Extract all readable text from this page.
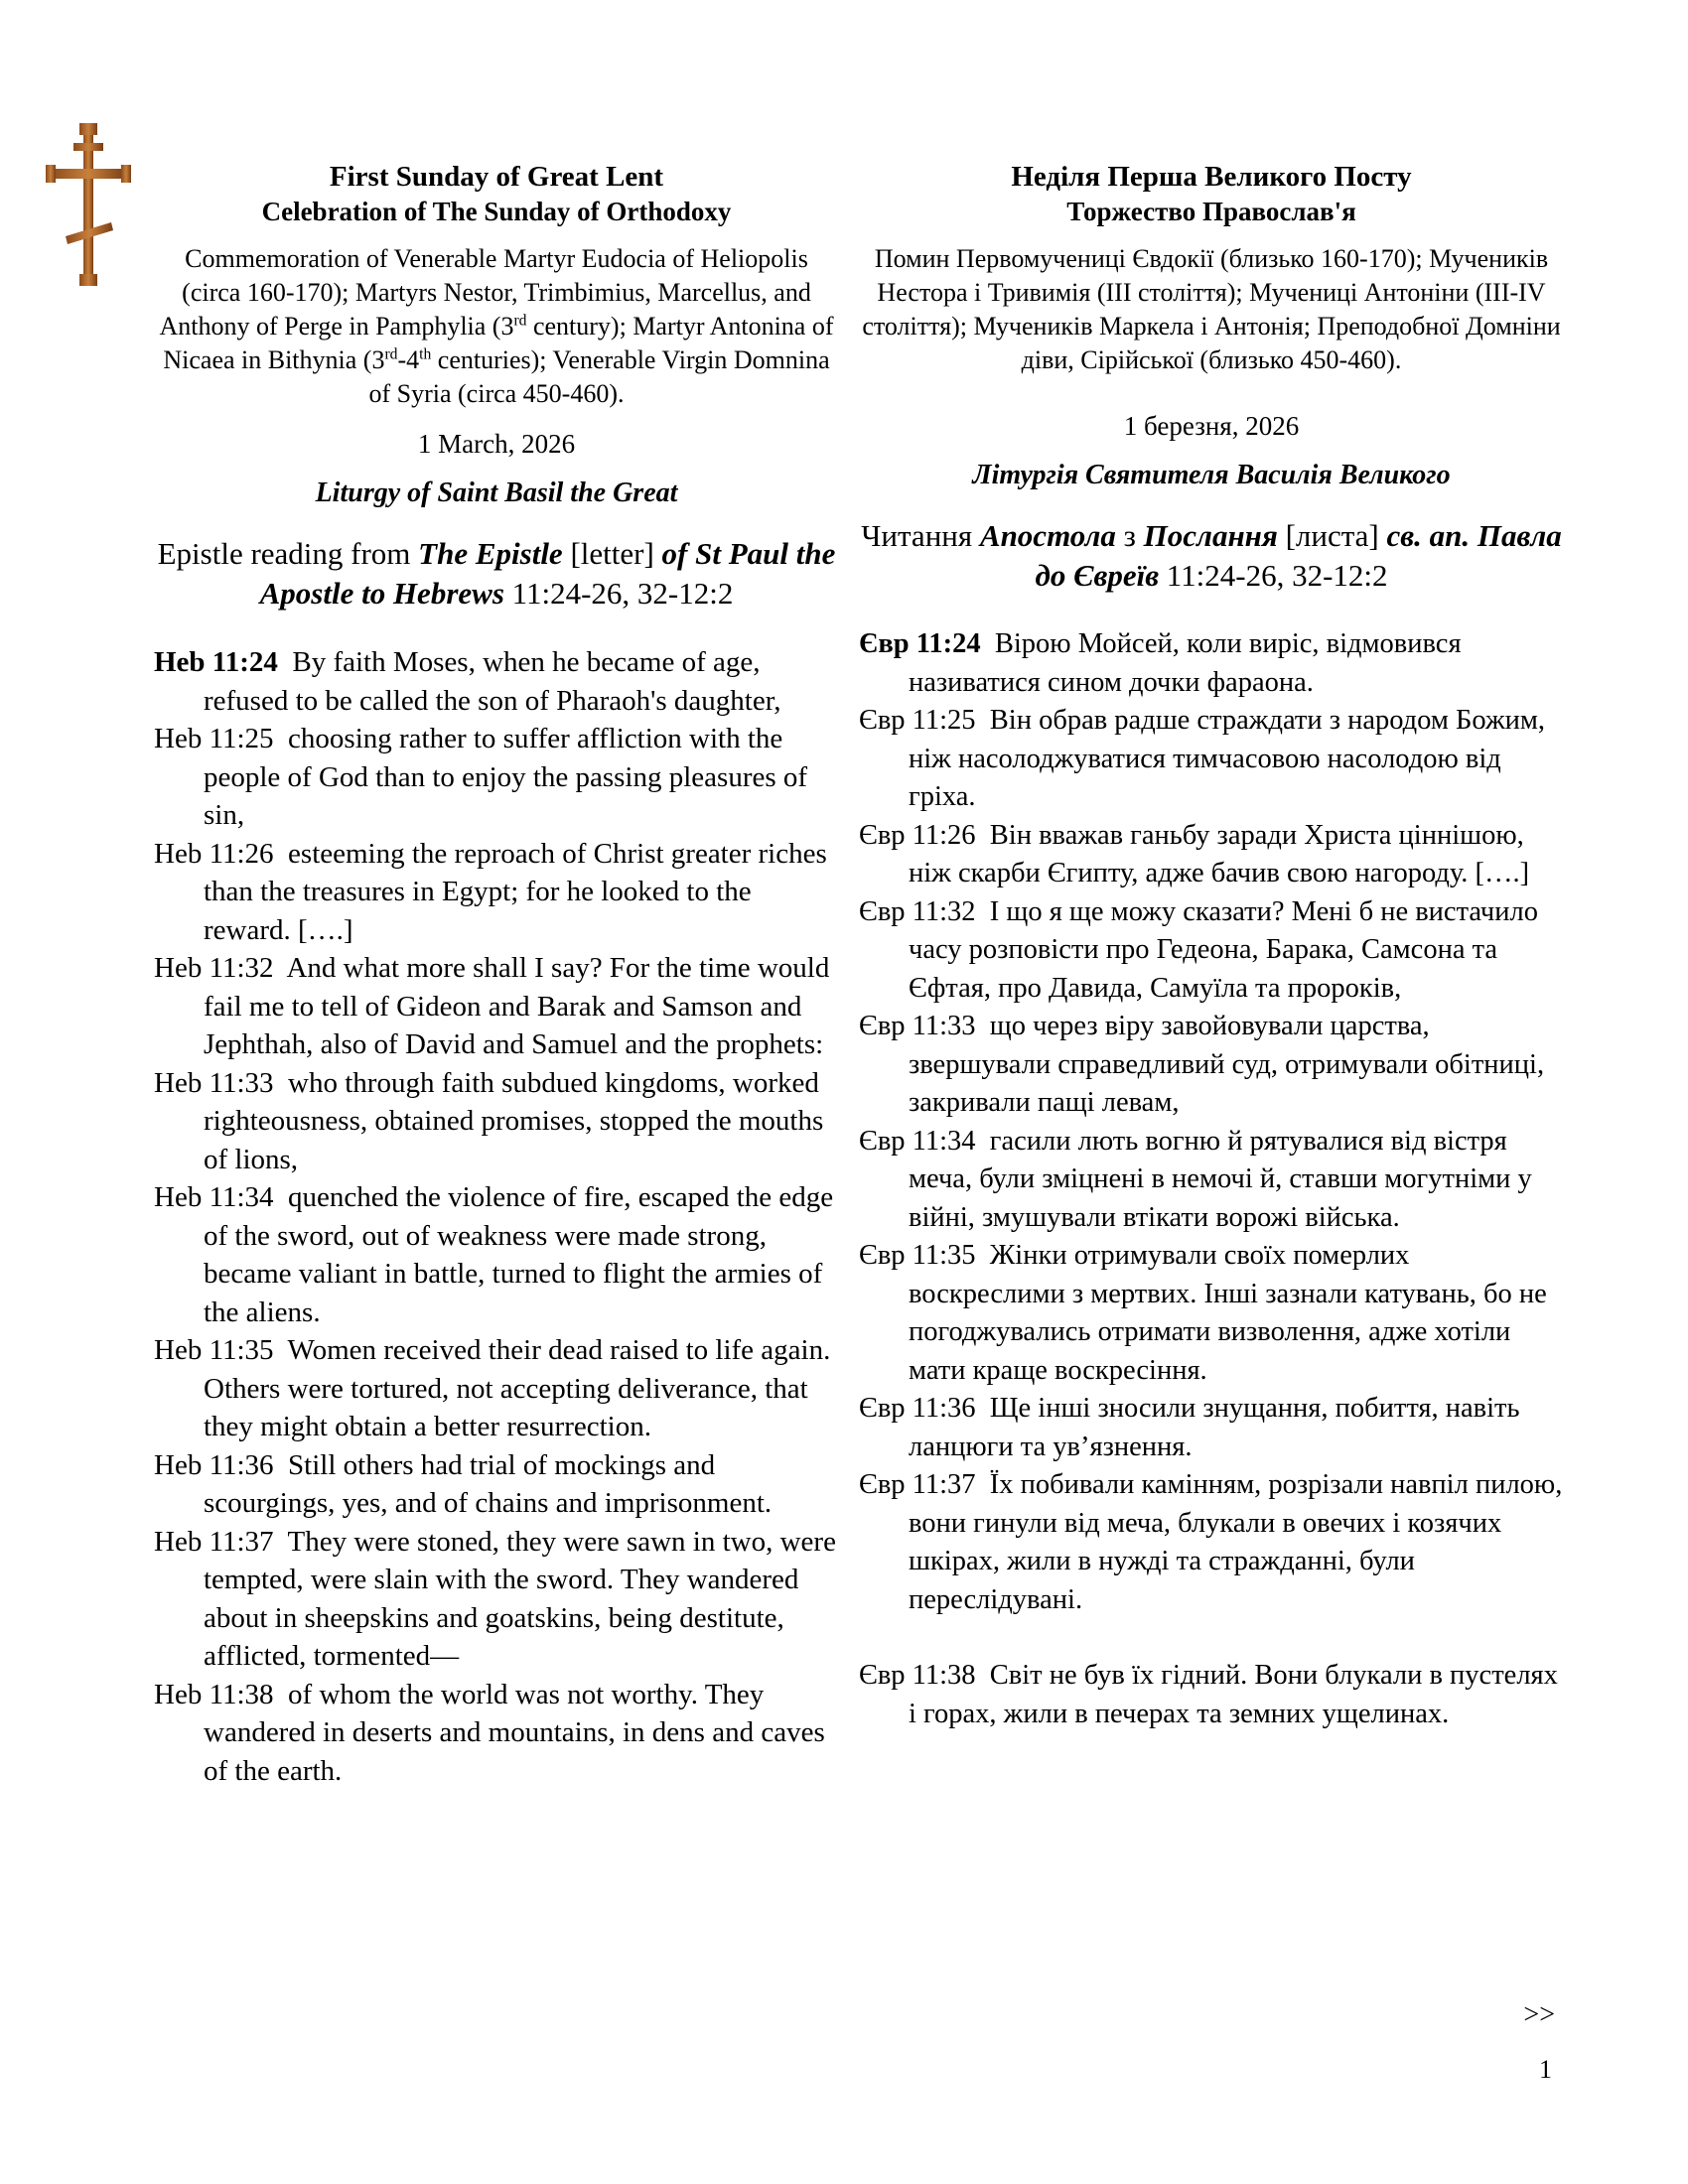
First Sunday of Great Lent
Celebration of The Sunday of Orthodoxy
Commemoration of Venerable Martyr Eudocia of Heliopolis (circa 160-170); Martyrs Nestor, Trimbimius, Marcellus, and Anthony of Perge in Pamphylia (3rd century); Martyr Antonina of Nicaea in Bithynia (3rd-4th centuries); Venerable Virgin Domnina of Syria (circa 450-460).
1 March, 2026
Liturgy of Saint Basil the Great
Epistle reading from The Epistle [letter] of St Paul the Apostle to Hebrews 11:24-26, 32-12:2
Heb 11:24 By faith Moses, when he became of age, refused to be called the son of Pharaoh's daughter,
Heb 11:25 choosing rather to suffer affliction with the people of God than to enjoy the passing pleasures of sin,
Heb 11:26 esteeming the reproach of Christ greater riches than the treasures in Egypt; for he looked to the reward. [….]
Heb 11:32 And what more shall I say? For the time would fail me to tell of Gideon and Barak and Samson and Jephthah, also of David and Samuel and the prophets:
Heb 11:33 who through faith subdued kingdoms, worked righteousness, obtained promises, stopped the mouths of lions,
Heb 11:34 quenched the violence of fire, escaped the edge of the sword, out of weakness were made strong, became valiant in battle, turned to flight the armies of the aliens.
Heb 11:35 Women received their dead raised to life again. Others were tortured, not accepting deliverance, that they might obtain a better resurrection.
Heb 11:36 Still others had trial of mockings and scourgings, yes, and of chains and imprisonment.
Heb 11:37 They were stoned, they were sawn in two, were tempted, were slain with the sword. They wandered about in sheepskins and goatskins, being destitute, afflicted, tormented—
Heb 11:38 of whom the world was not worthy. They wandered in deserts and mountains, in dens and caves of the earth.
Неділя Перша Великого Посту
Торжество Православ'я
Помин Первомучениці Євдокії (близько 160-170); Мучеників Нестора і Тривимія (III століття); Мучениці Антоніни (III-IV століття); Мучеників Маркела і Антонія; Преподобної Домніни діви, Сірійської (близько 450-460).
1 березня, 2026
Літургія Святителя Василія Великого
Читання Апостола з Послання [листа] св. ап. Павла до Євреїв 11:24-26, 32-12:2
Євр 11:24 Вірою Мойсей, коли виріс, відмовився називатися сином дочки фараона.
Євр 11:25 Він обрав радше страждати з народом Божим, ніж насолоджуватися тимчасовою насолодою від гріха.
Євр 11:26 Він вважав ганьбу заради Христа ціннішою, ніж скарби Єгипту, адже бачив свою нагороду. [….]
Євр 11:32 І що я ще можу сказати? Мені б не вистачило часу розповісти про Гедеона, Барака, Самсона та Єфтая, про Давида, Самуїла та пророків,
Євр 11:33 що через віру завойовували царства, звершували справедливий суд, отримували обітниці, закривали пащі левам,
Євр 11:34 гасили лють вогню й рятувалися від вістря меча, були зміцнені в немочі й, ставши могутніми у війні, змушували втікати ворожі війська.
Євр 11:35 Жінки отримували своїх померлих воскреслими з мертвих. Інші зазнали катувань, бо не погоджувались отримати визволення, адже хотіли мати краще воскресіння.
Євр 11:36 Ще інші зносили знущання, побиття, навіть ланцюги та ув’язнення.
Євр 11:37 Їх побивали камінням, розрізали навпіл пилою, вони гинули від меча, блукали в овечих і козячих шкірах, жили в нужді та стражданні, були переслідувані.
Євр 11:38 Світ не був їх гідний. Вони блукали в пустелях і горах, жили в печерах та земних ущелинах.
>>
1
